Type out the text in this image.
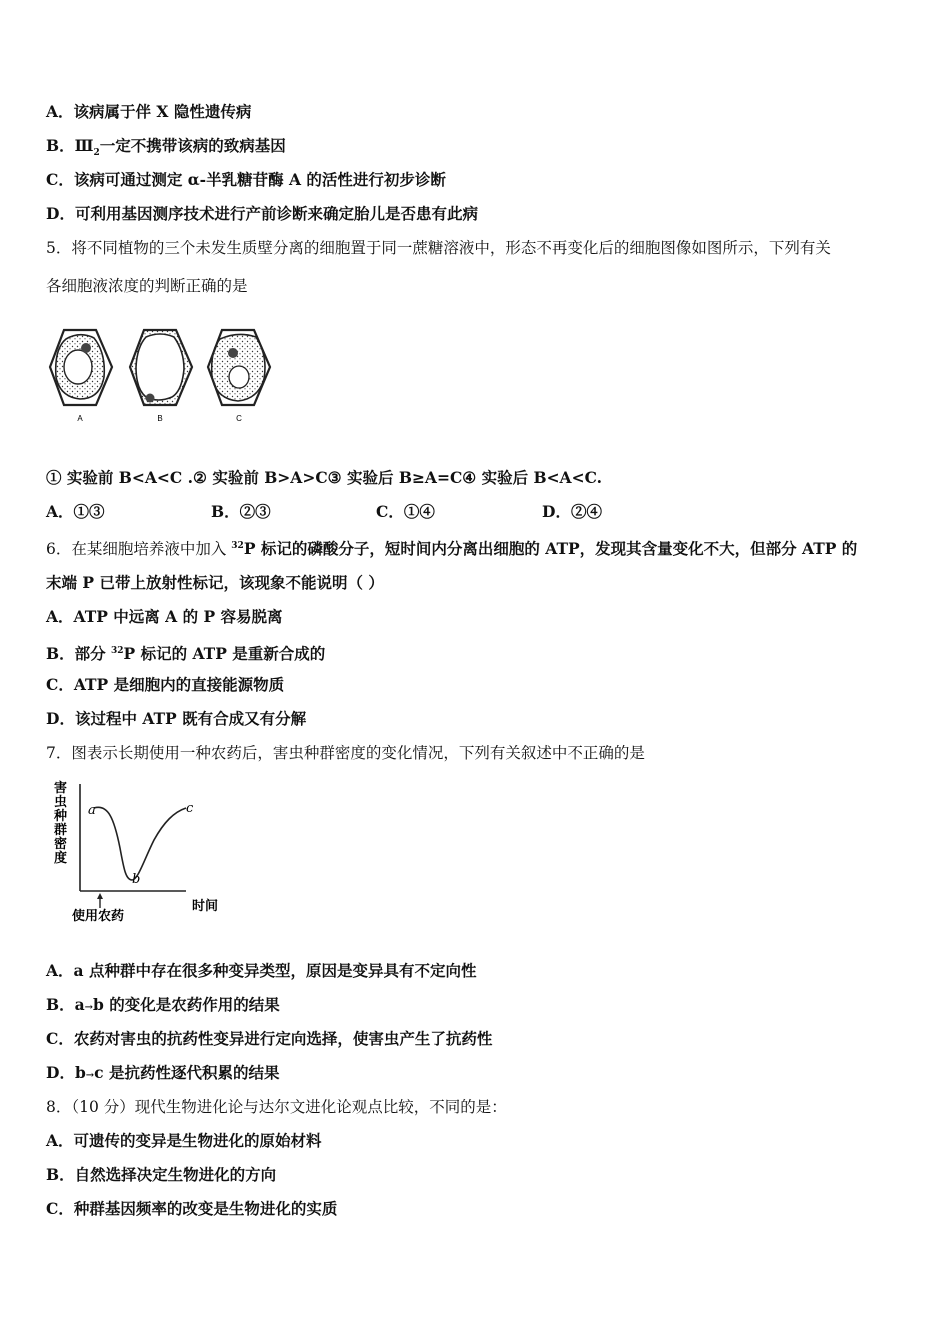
A．该病属于伴 X 隐性遗传病
B．$Ⅲ_2$一定不携带该病的致病基因
C．该病可通过测定 α-半乳糖苷酶 A 的活性进行初步诊断
D．可利用基因测序技术进行产前诊断来确定胎儿是否患有此病
5．将不同植物的三个未发生质壁分离的细胞置于同一蔗糖溶液中，形态不再变化后的细胞图像如图所示，下列有关
各细胞液浓度的判断正确的是
A	B	C
① 实验前 B<A<C .② 实验前 B>A>C③ 实验后 B≥A=C④ 实验后 B<A<C.
A．①③	B．②③	C．①④	D．②④
6．在某细胞培养液中加入 $^{32}$P 标记的磷酸分子，短时间内分离出细胞的 ATP，发现其含量变化不大，但部分 ATP 的
末端 P 已带上放射性标记，该现象不能说明（ ）
A．ATP 中远离 A 的 P 容易脱离
B．部分 $^{32}$P 标记的 ATP 是重新合成的
C．ATP 是细胞内的直接能源物质
D．该过程中 ATP 既有合成又有分解
7．图表示长期使用一种农药后，害虫种群密度的变化情况，下列有关叙述中不正确的是
害 虫 种 群 密 度
a
b
c
使用农药
时间
A．a 点种群中存在很多种变异类型，原因是变异具有不定向性
B．a→b 的变化是农药作用的结果
C．农药对害虫的抗药性变异进行定向选择，使害虫产生了抗药性
D．b→c 是抗药性逐代积累的结果
8．（10 分）现代生物进化论与达尔文进化论观点比较，不同的是：
A．可遗传的变异是生物进化的原始材料
B．自然选择决定生物进化的方向
C．种群基因频率的改变是生物进化的实质
